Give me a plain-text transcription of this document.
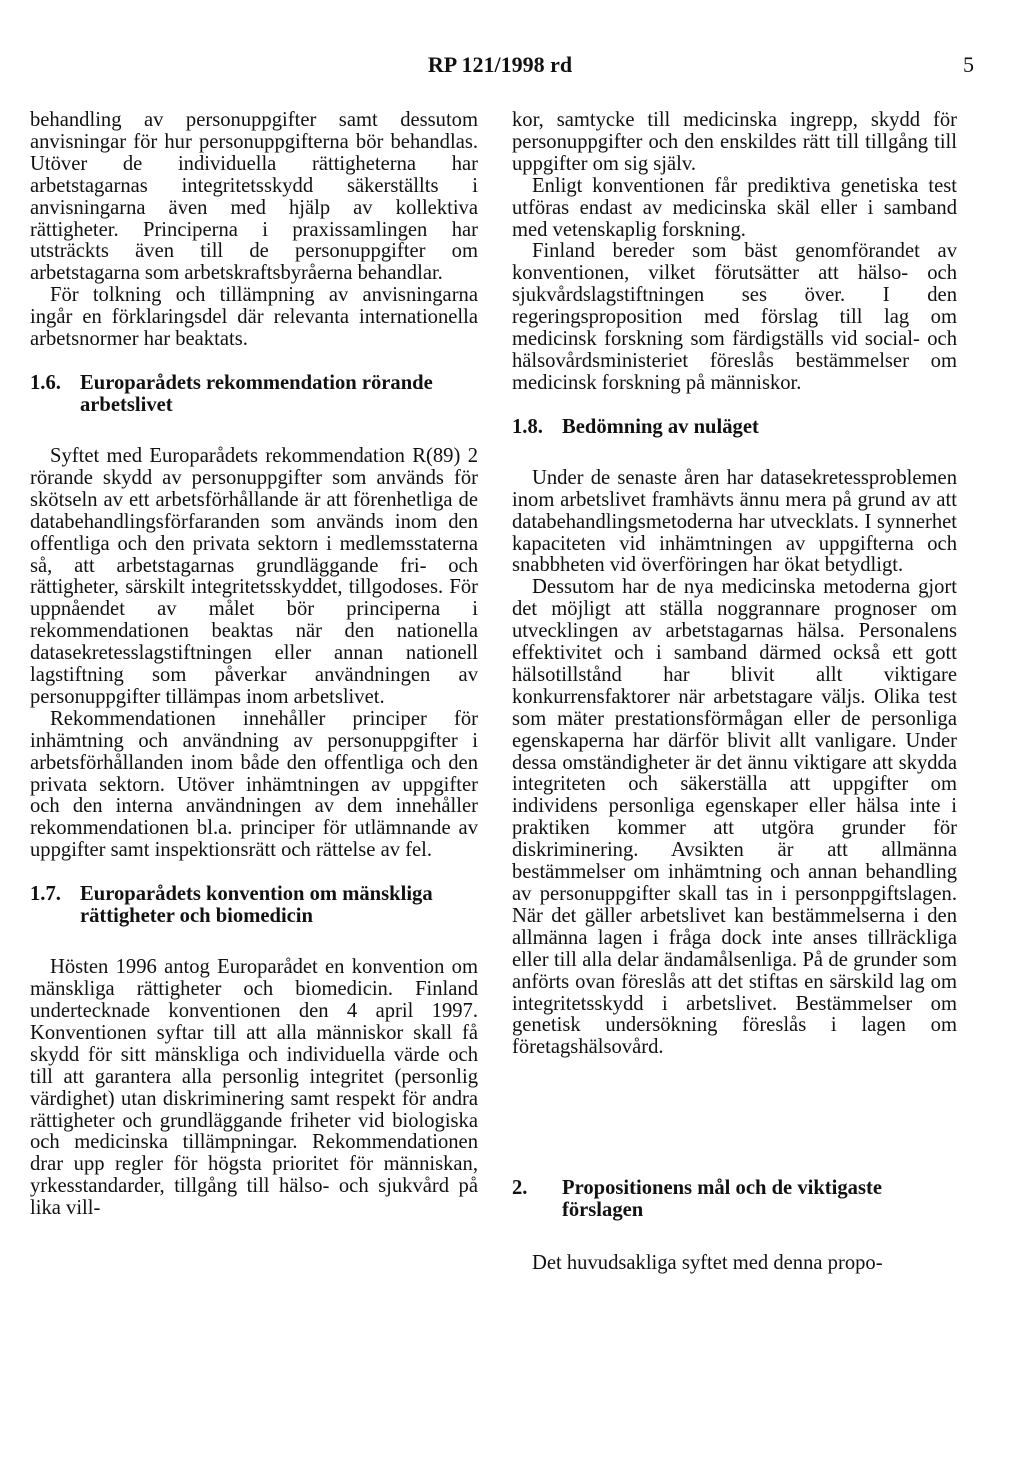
RP 121/1998 rd	5

behandling av personuppgifter samt dessutom anvisningar för hur personuppgifterna bör behandlas. Utöver de individuella rättigheterna har arbetstagarnas integritetsskydd säkerställts i anvisningarna även med hjälp av kollektiva rättigheter. Principerna i praxissamlingen har utsträckts även till de personuppgifter om arbetstagarna som arbetskraftsbyråerna behandlar.

För tolkning och tillämpning av anvisningarna ingår en förklaringsdel där relevanta internationella arbetsnormer har beaktats.

1.6. Europarådets rekommendation rörande arbetslivet

Syftet med Europarådets rekommendation R(89) 2 rörande skydd av personuppgifter som används för skötseln av ett arbetsförhållande är att förenhetliga de databehandlingsförfaranden som används inom den offentliga och den privata sektorn i medlemsstaterna så, att arbetstagarnas grundläggande fri- och rättigheter, särskilt integritetsskyddet, tillgodoses. För uppnåendet av målet bör principerna i rekommendationen beaktas när den nationella datasekretesslagstiftningen eller annan nationell lagstiftning som påverkar användningen av personuppgifter tillämpas inom arbetslivet.

Rekommendationen innehåller principer för inhämtning och användning av personuppgifter i arbetsförhållanden inom både den offentliga och den privata sektorn. Utöver inhämtningen av uppgifter och den interna användningen av dem innehåller rekommendationen bl.a. principer för utlämnande av uppgifter samt inspektionsrätt och rättelse av fel.

1.7. Europarådets konvention om mänskliga rättigheter och biomedicin

Hösten 1996 antog Europarådet en konvention om mänskliga rättigheter och biomedicin. Finland undertecknade konventionen den 4 april 1997. Konventionen syftar till att alla människor skall få skydd för sitt mänskliga och individuella värde och till att garantera alla personlig integritet (personlig värdighet) utan diskriminering samt respekt för andra rättigheter och grundläggande friheter vid biologiska och medicinska tillämpningar. Rekommendationen drar upp regler för högsta prioritet för människan, yrkesstandarder, tillgång till hälso- och sjukvård på lika vill-

kor, samtycke till medicinska ingrepp, skydd för personuppgifter och den enskildes rätt till tillgång till uppgifter om sig själv.

Enligt konventionen får prediktiva genetiska test utföras endast av medicinska skäl eller i samband med vetenskaplig forskning.

Finland bereder som bäst genomförandet av konventionen, vilket förutsätter att hälso- och sjukvårdslagstiftningen ses över. I den regeringsproposition med förslag till lag om medicinsk forskning som färdigställs vid social- och hälsovårdsministeriet föreslås bestämmelser om medicinsk forskning på människor.

1.8. Bedömning av nuläget

Under de senaste åren har datasekretessproblemen inom arbetslivet framhävts ännu mera på grund av att databehandlingsmetoderna har utvecklats. I synnerhet kapaciteten vid inhämtningen av uppgifterna och snabbheten vid överföringen har ökat betydligt.

Dessutom har de nya medicinska metoderna gjort det möjligt att ställa noggrannare prognoser om utvecklingen av arbetstagarnas hälsa. Personalens effektivitet och i samband därmed också ett gott hälsotillstånd har blivit allt viktigare konkurrensfaktorer när arbetstagare väljs. Olika test som mäter prestationsförmågan eller de personliga egenskaperna har därför blivit allt vanligare. Under dessa omständigheter är det ännu viktigare att skydda integriteten och säkerställa att uppgifter om individens personliga egenskaper eller hälsa inte i praktiken kommer att utgöra grunder för diskriminering. Avsikten är att allmänna bestämmelser om inhämtning och annan behandling av personuppgifter skall tas in i personppgiftslagen. När det gäller arbetslivet kan bestämmelserna i den allmänna lagen i fråga dock inte anses tillräckliga eller till alla delar ändamålsenliga. På de grunder som anförts ovan föreslås att det stiftas en särskild lag om integritetsskydd i arbetslivet. Bestämmelser om genetisk undersökning föreslås i lagen om företagshälsovård.

2.	Propositionens mål och de viktigaste förslagen

Det huvudsakliga syftet med denna propo-
